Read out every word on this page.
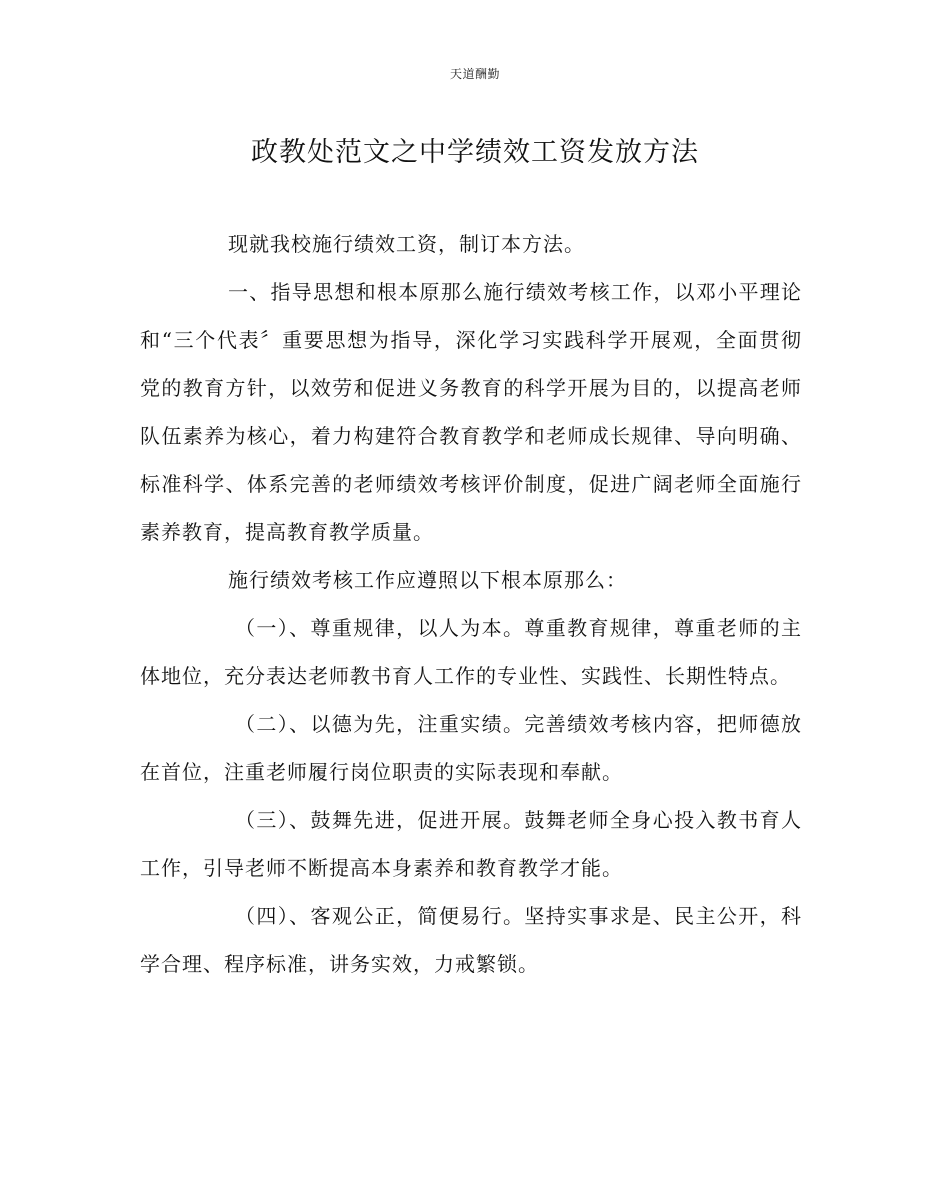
天道酬勤
政教处范文之中学绩效工资发放方法

现就我校施行绩效工资，制订本方法。

一、指导思想和根本原那么施行绩效考核工作，以邓小平理论和“三个代表〞重要思想为指导，深化学习实践科学开展观，全面贯彻党的教育方针，以效劳和促进义务教育的科学开展为目的，以提高老师队伍素养为核心，着力构建符合教育教学和老师成长规律、导向明确、标准科学、体系完善的老师绩效考核评价制度，促进广阔老师全面施行素养教育，提高教育教学质量。

施行绩效考核工作应遵照以下根本原那么：

（一）、尊重规律，以人为本。尊重教育规律，尊重老师的主体地位，充分表达老师教书育人工作的专业性、实践性、长期性特点。

（二）、以德为先，注重实绩。完善绩效考核内容，把师德放在首位，注重老师履行岗位职责的实际表现和奉献。

（三）、鼓舞先进，促进开展。鼓舞老师全身心投入教书育人工作，引导老师不断提高本身素养和教育教学才能。

（四）、客观公正，简便易行。坚持实事求是、民主公开，科学合理、程序标准，讲务实效，力戒繁锁。
